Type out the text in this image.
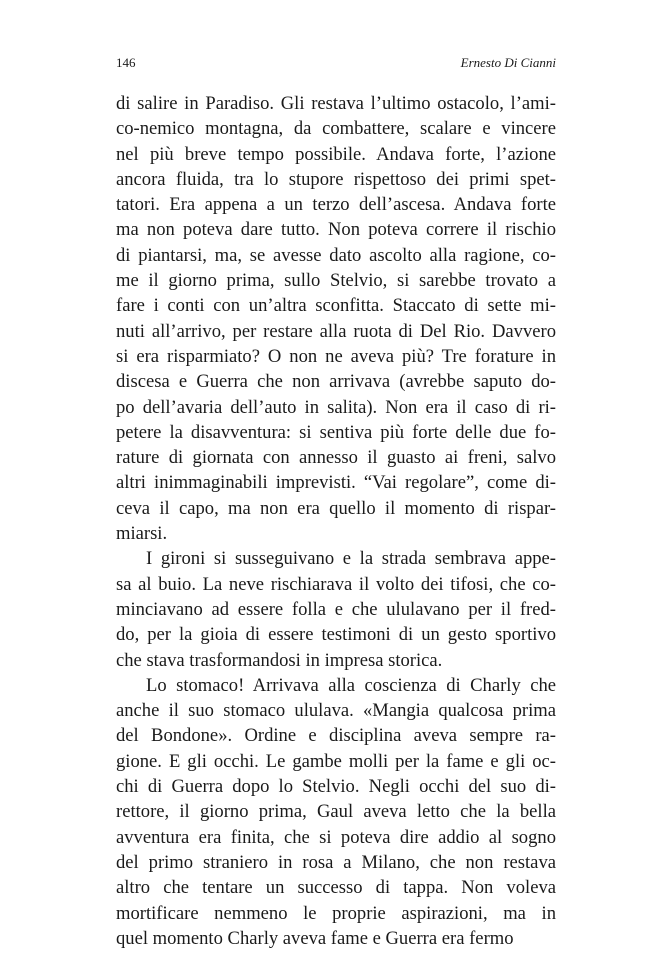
146	Ernesto Di Cianni
di salire in Paradiso. Gli restava l’ultimo ostacolo, l’ami-
co-nemico montagna, da combattere, scalare e vincere
nel più breve tempo possibile. Andava forte, l’azione
ancora fluida, tra lo stupore rispettoso dei primi spet-
tatori. Era appena a un terzo dell’ascesa. Andava forte
ma non poteva dare tutto. Non poteva correre il rischio
di piantarsi, ma, se avesse dato ascolto alla ragione, co-
me il giorno prima, sullo Stelvio, si sarebbe trovato a
fare i conti con un’altra sconfitta. Staccato di sette mi-
nuti all’arrivo, per restare alla ruota di Del Rio. Davvero
si era risparmiato? O non ne aveva più? Tre forature in
discesa e Guerra che non arrivava (avrebbe saputo do-
po dell’avaria dell’auto in salita). Non era il caso di ri-
petere la disavventura: si sentiva più forte delle due fo-
rature di giornata con annesso il guasto ai freni, salvo
altri inimmaginabili imprevisti. “Vai regolare”, come di-
ceva il capo, ma non era quello il momento di rispar-
miarsi.
I gironi si susseguivano e la strada sembrava appe-
sa al buio. La neve rischiarava il volto dei tifosi, che co-
minciavano ad essere folla e che ululavano per il fred-
do, per la gioia di essere testimoni di un gesto sportivo
che stava trasformandosi in impresa storica.
Lo stomaco! Arrivava alla coscienza di Charly che
anche il suo stomaco ululava. «Mangia qualcosa prima
del Bondone». Ordine e disciplina aveva sempre ra-
gione. E gli occhi. Le gambe molli per la fame e gli oc-
chi di Guerra dopo lo Stelvio. Negli occhi del suo di-
rettore, il giorno prima, Gaul aveva letto che la bella
avventura era finita, che si poteva dire addio al sogno
del primo straniero in rosa a Milano, che non restava
altro che tentare un successo di tappa. Non voleva
mortificare nemmeno le proprie aspirazioni, ma in
quel momento Charly aveva fame e Guerra era fermo
